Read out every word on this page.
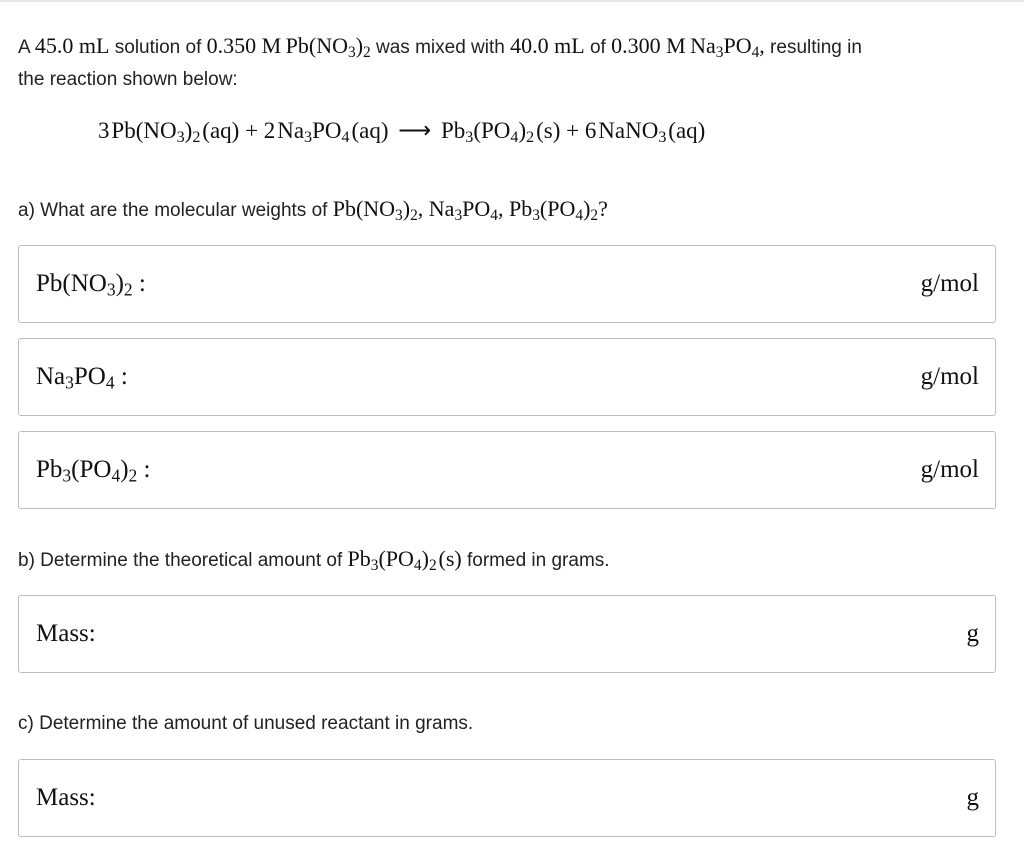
A 45.0 mL solution of 0.350 M $Pb(NO_3)_2$ was mixed with 40.0 mL of 0.300 M $Na_3PO_4$, resulting in
the reaction shown below:
3 $Pb(NO_3)_2$ (aq) + 2 $Na_3PO_4$ (aq) ⟶ $Pb_3(PO_4)_2$ (s) + 6 NaNO$_3$ (aq)
a) What are the molecular weights of $Pb(NO_3)_2$, $Na_3PO_4$, $Pb_3(PO_4)_2$?
$Pb(NO_3)_2$ :	g/mol
$Na_3PO_4$ :	g/mol
$Pb_3(PO_4)_2$ :	g/mol
b) Determine the theoretical amount of $Pb_3(PO_4)_2$ (s) formed in grams.
Mass:	g
c) Determine the amount of unused reactant in grams.
Mass:	g
